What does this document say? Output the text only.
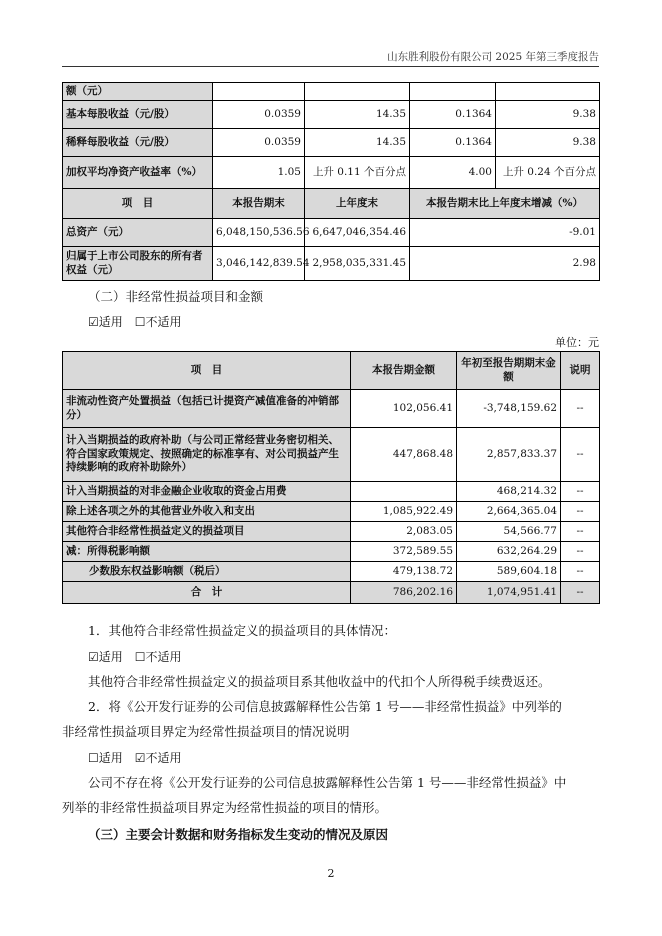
山东胜利股份有限公司 2025 年第三季度报告
额（元）				
基本每股收益（元/股）	0.0359	14.35	0.1364	9.38
稀释每股收益（元/股）	0.0359	14.35	0.1364	9.38
加权平均净资产收益率（%）	1.05	上升 0.11 个百分点	4.00	上升 0.24 个百分点
项　目	本报告期末	上年度末	本报告期末比上年度末增减（%）	
总资产（元）	6,048,150,536.56	6,647,046,354.46	-9.01	
归属于上市公司股东的所有者权益（元）	3,046,142,839.54	2,958,035,331.45	2.98	
（二）非经常性损益项目和金额
☑适用　☐不适用
单位：元
项　目	本报告期金额	年初至报告期期末金额	说明
非流动性资产处置损益（包括已计提资产减值准备的冲销部分）	102,056.41	-3,748,159.62	--
计入当期损益的政府补助（与公司正常经营业务密切相关、符合国家政策规定、按照确定的标准享有、对公司损益产生持续影响的政府补助除外）	447,868.48	2,857,833.37	--
计入当期损益的对非金融企业收取的资金占用费		468,214.32	--
除上述各项之外的其他营业外收入和支出	1,085,922.49	2,664,365.04	--
其他符合非经常性损益定义的损益项目	2,083.05	54,566.77	--
减：所得税影响额	372,589.55	632,264.29	--
少数股东权益影响额（税后）	479,138.72	589,604.18	--
合　计	786,202.16	1,074,951.41	--
1．其他符合非经常性损益定义的损益项目的具体情况：
☑适用　☐不适用
其他符合非经常性损益定义的损益项目系其他收益中的代扣个人所得税手续费返还。
2．将《公开发行证券的公司信息披露解释性公告第 1 号——非经常性损益》中列举的
非经常性损益项目界定为经常性损益项目的情况说明
☐适用　☑不适用
公司不存在将《公开发行证券的公司信息披露解释性公告第 1 号——非经常性损益》中
列举的非经常性损益项目界定为经常性损益的项目的情形。
（三）主要会计数据和财务指标发生变动的情况及原因
2
